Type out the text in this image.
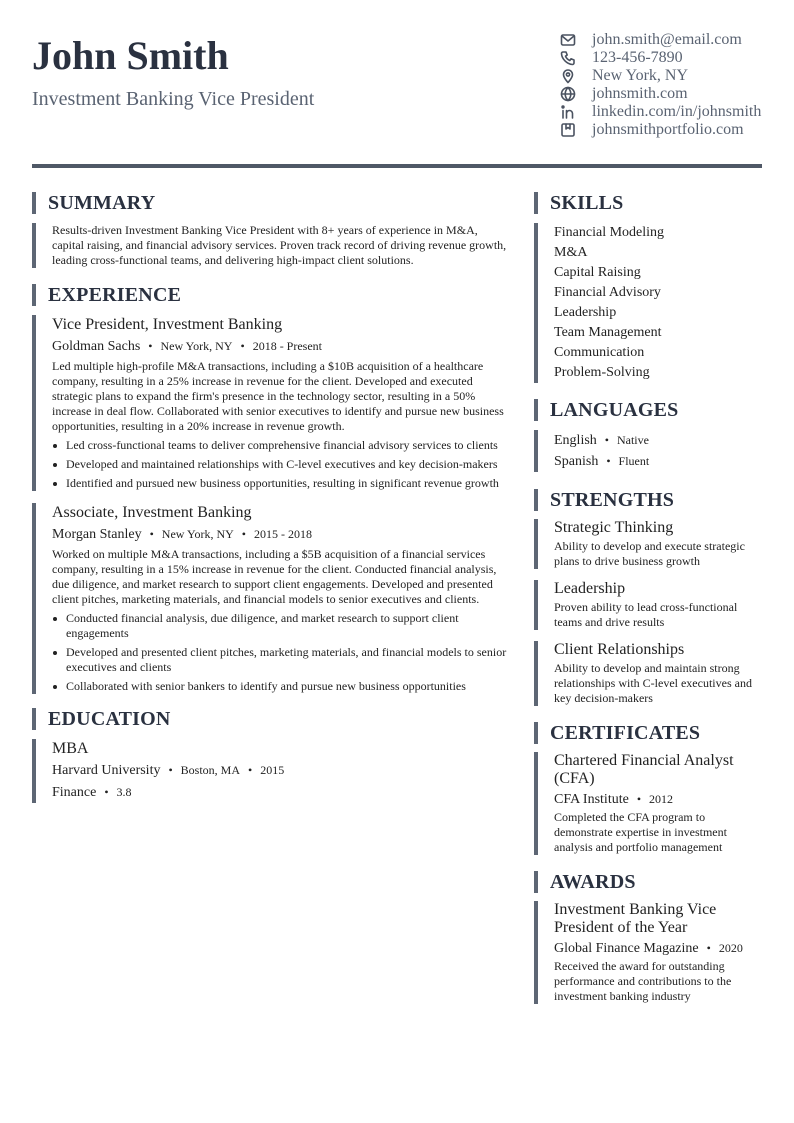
John Smith
Investment Banking Vice President
john.smith@email.com
123-456-7890
New York, NY
johnsmith.com
linkedin.com/in/johnsmith
johnsmithportfolio.com
SUMMARY

Results-driven Investment Banking Vice President with 8+ years of experience in M&A, capital raising, and financial advisory services. Proven track record of driving revenue growth, leading cross-functional teams, and delivering high-impact client solutions.

EXPERIENCE
Vice President, Investment Banking
Goldman Sachs • New York, NY • 2018 - Present

Led multiple high-profile M&A transactions, including a $10B acquisition of a healthcare company, resulting in a 25% increase in revenue for the client. Developed and executed strategic plans to expand the firm's presence in the technology sector, resulting in a 50% increase in deal flow. Collaborated with senior executives to identify and pursue new business opportunities, resulting in a 20% increase in revenue growth.

Led cross-functional teams to deliver comprehensive financial advisory services to clients
Developed and maintained relationships with C-level executives and key decision-makers
Identified and pursued new business opportunities, resulting in significant revenue growth
Associate, Investment Banking
Morgan Stanley • New York, NY • 2015 - 2018

Worked on multiple M&A transactions, including a $5B acquisition of a financial services company, resulting in a 15% increase in revenue for the client. Conducted financial analysis, due diligence, and market research to support client engagements. Developed and presented client pitches, marketing materials, and financial models to senior executives and clients.

Conducted financial analysis, due diligence, and market research to support client engagements
Developed and presented client pitches, marketing materials, and financial models to senior executives and clients
Collaborated with senior bankers to identify and pursue new business opportunities
EDUCATION
MBA
Harvard University • Boston, MA • 2015
Finance • 3.8
SKILLS
Financial Modeling
M&A
Capital Raising
Financial Advisory
Leadership
Team Management
Communication
Problem-Solving
LANGUAGES
English • Native
Spanish • Fluent
STRENGTHS
Strategic Thinking

Ability to develop and execute strategic plans to drive business growth

Leadership

Proven ability to lead cross-functional teams and drive results

Client Relationships

Ability to develop and maintain strong relationships with C-level executives and key decision-makers

CERTIFICATES
Chartered Financial Analyst (CFA)
CFA Institute • 2012

Completed the CFA program to demonstrate expertise in investment analysis and portfolio management

AWARDS
Investment Banking Vice President of the Year
Global Finance Magazine • 2020

Received the award for outstanding performance and contributions to the investment banking industry
